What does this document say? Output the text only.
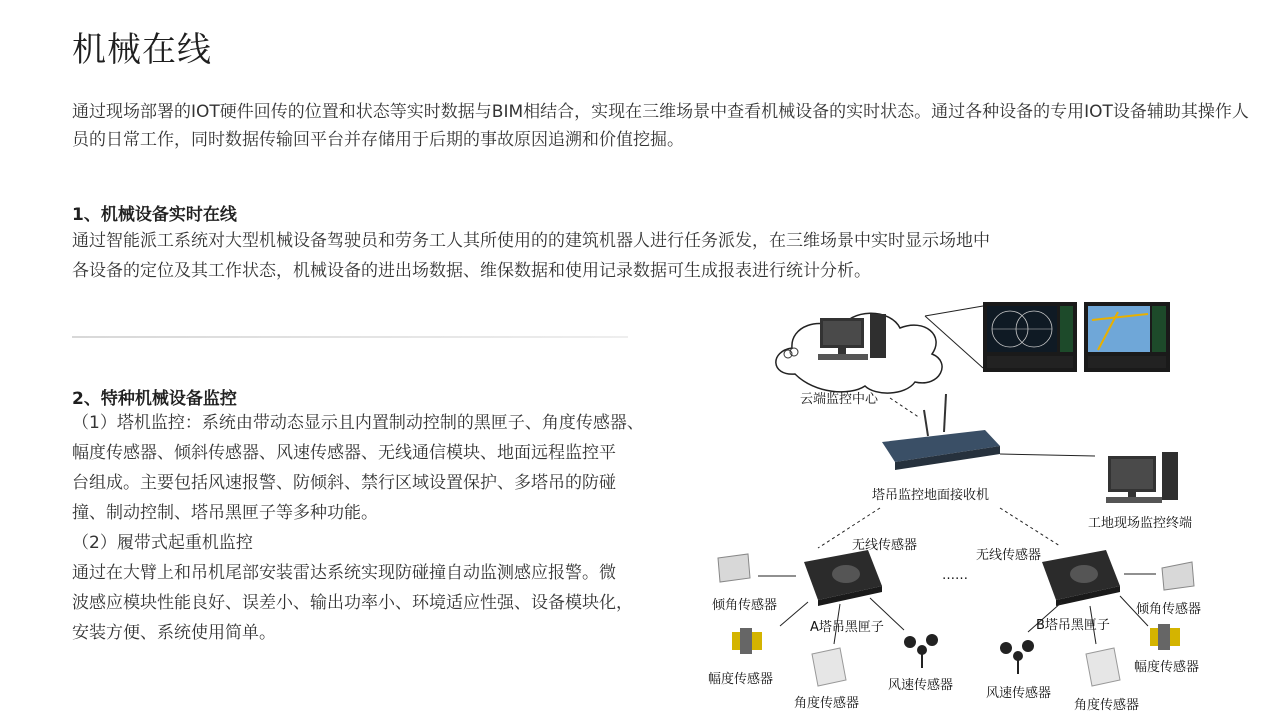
机械在线
通过现场部署的IOT硬件回传的位置和状态等实时数据与BIM相结合，实现在三维场景中查看机械设备的实时状态。通过各种设备的专用IOT设备辅助其操作人员的日常工作，同时数据传输回平台并存储用于后期的事故原因追溯和价值挖掘。
1、机械设备实时在线
通过智能派工系统对大型机械设备驾驶员和劳务工人其所使用的的建筑机器人进行任务派发，在三维场景中实时显示场地中
各设备的定位及其工作状态，机械设备的进出场数据、维保数据和使用记录数据可生成报表进行统计分析。
2、特种机械设备监控
（1）塔机监控：系统由带动态显示且内置制动控制的黑匣子、角度传感器、
幅度传感器、倾斜传感器、风速传感器、无线通信模块、地面远程监控平
台组成。主要包括风速报警、防倾斜、禁行区域设置保护、多塔吊的防碰
撞、制动控制、塔吊黑匣子等多种功能。
（2）履带式起重机监控
通过在大臂上和吊机尾部安装雷达系统实现防碰撞自动监测感应报警。微
波感应模块性能良好、误差小、输出功率小、环境适应性强、设备模块化，
安装方便、系统使用简单。
云端监控中心
塔吊监控地面接收机
工地现场监控终端
无线传感器
无线传感器
……
A塔吊黑匣子	B塔吊黑匣子
倾角传感器	倾角传感器
幅度传感器
幅度传感器
角度传感器	角度传感器
风速传感器
风速传感器
